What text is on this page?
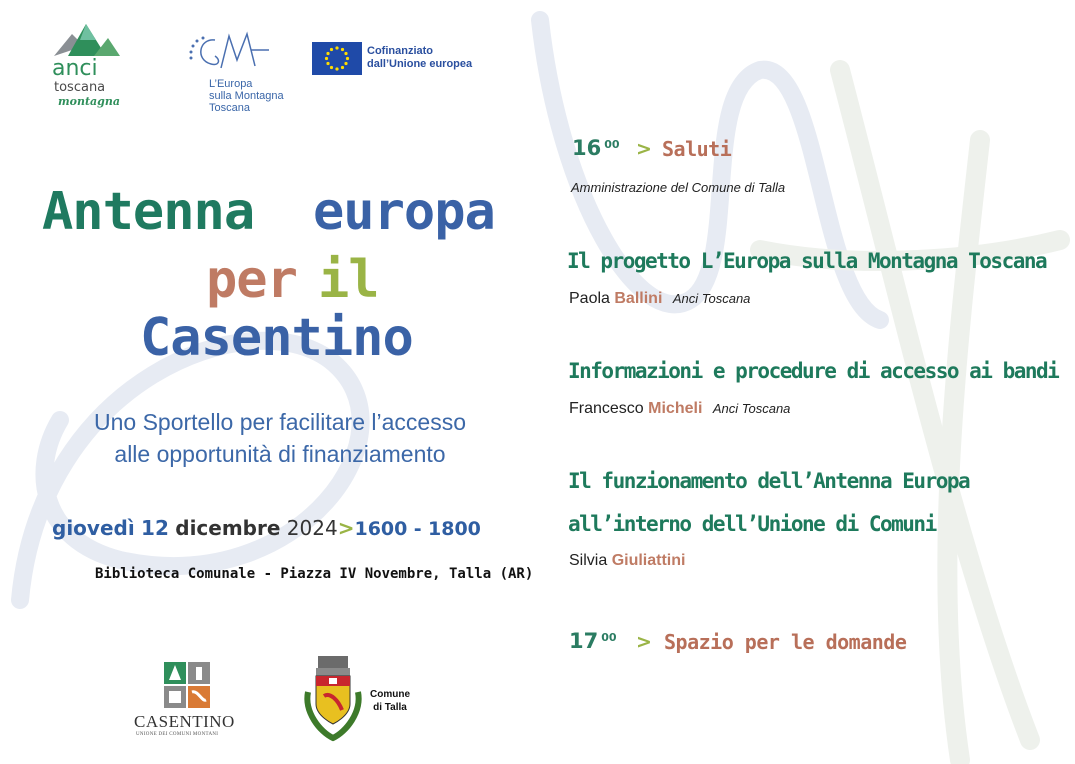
anci
toscana
montagna
L’Europa
sulla Montagna
Toscana
Cofinanziato
dall’Unione europea
Antenna europa
per il
Casentino
Uno Sportello per facilitare l’accesso
alle opportunità di finanziamento
giovedì 12 dicembre $2024>16^{00} - 18^{00}$
Biblioteca Comunale - Piazza IV Novembre, Talla (AR)
CASENTINO
UNIONE DEI COMUNI MONTANI
Comune
di Talla
16 $^{00}$ > Saluti
Amministrazione del Comune di Talla
Il progetto L’Europa sulla Montagna Toscana
Paola Ballini Anci Toscana
Informazioni e procedure di accesso ai bandi
Francesco Micheli Anci Toscana
Il funzionamento dell’Antenna Europa
all’interno dell’Unione di Comuni
Silvia Giuliattini
17 $^{00}$ > Spazio per le domande
